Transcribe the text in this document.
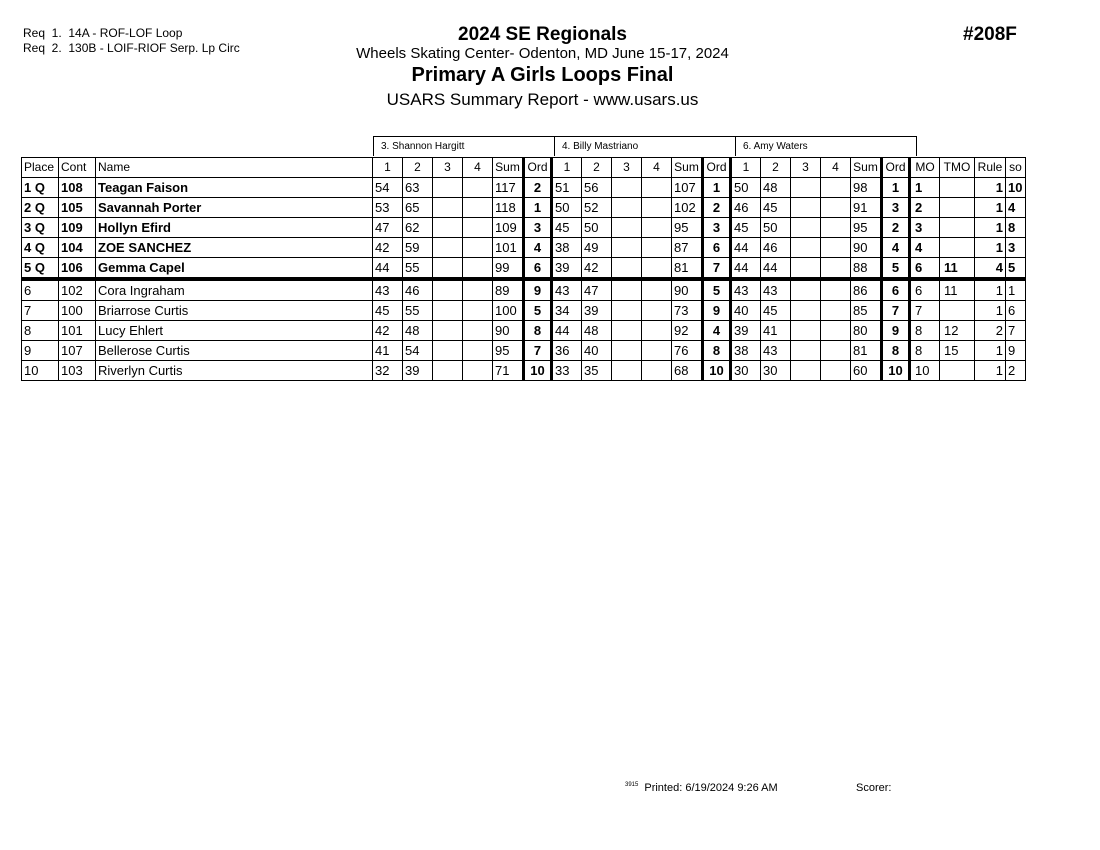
Req  1.  14A - ROF-LOF Loop
Req  2.  130B - LOIF-RIOF Serp. Lp Circ
2024 SE Regionals
Wheels Skating Center- Odenton, MD June 15-17, 2024
Primary A Girls Loops Final
USARS Summary Report - www.usars.us
#208F
3. Shannon Hargitt	4. Billy Mastriano	6. Amy Waters
Place	Cont	Name	1	2	3	4	Sum	Ord	1	2	3	4	Sum	Ord	1	2	3	4	Sum	Ord	MO	TMO	Rule	so
1 Q	108	Teagan Faison	54	63			117	2	51	56			107	1	50	48			98	1	1		1	10
2 Q	105	Savannah Porter	53	65			118	1	50	52			102	2	46	45			91	3	2		1	4
3 Q	109	Hollyn Efird	47	62			109	3	45	50			95	3	45	50			95	2	3		1	8
4 Q	104	ZOE SANCHEZ	42	59			101	4	38	49			87	6	44	46			90	4	4		1	3
5 Q	106	Gemma Capel	44	55			99	6	39	42			81	7	44	44			88	5	6	11	4	5
6	102	Cora Ingraham	43	46			89	9	43	47			90	5	43	43			86	6	6	11	1	1
7	100	Briarrose Curtis	45	55			100	5	34	39			73	9	40	45			85	7	7		1	6
8	101	Lucy Ehlert	42	48			90	8	44	48			92	4	39	41			80	9	8	12	2	7
9	107	Bellerose Curtis	41	54			95	7	36	40			76	8	38	43			81	8	8	15	1	9
10	103	Riverlyn Curtis	32	39			71	10	33	35			68	10	30	30			60	10	10		1	2
$^{3915}$ Printed: 6/19/2024 9:26 AM	Scorer:
